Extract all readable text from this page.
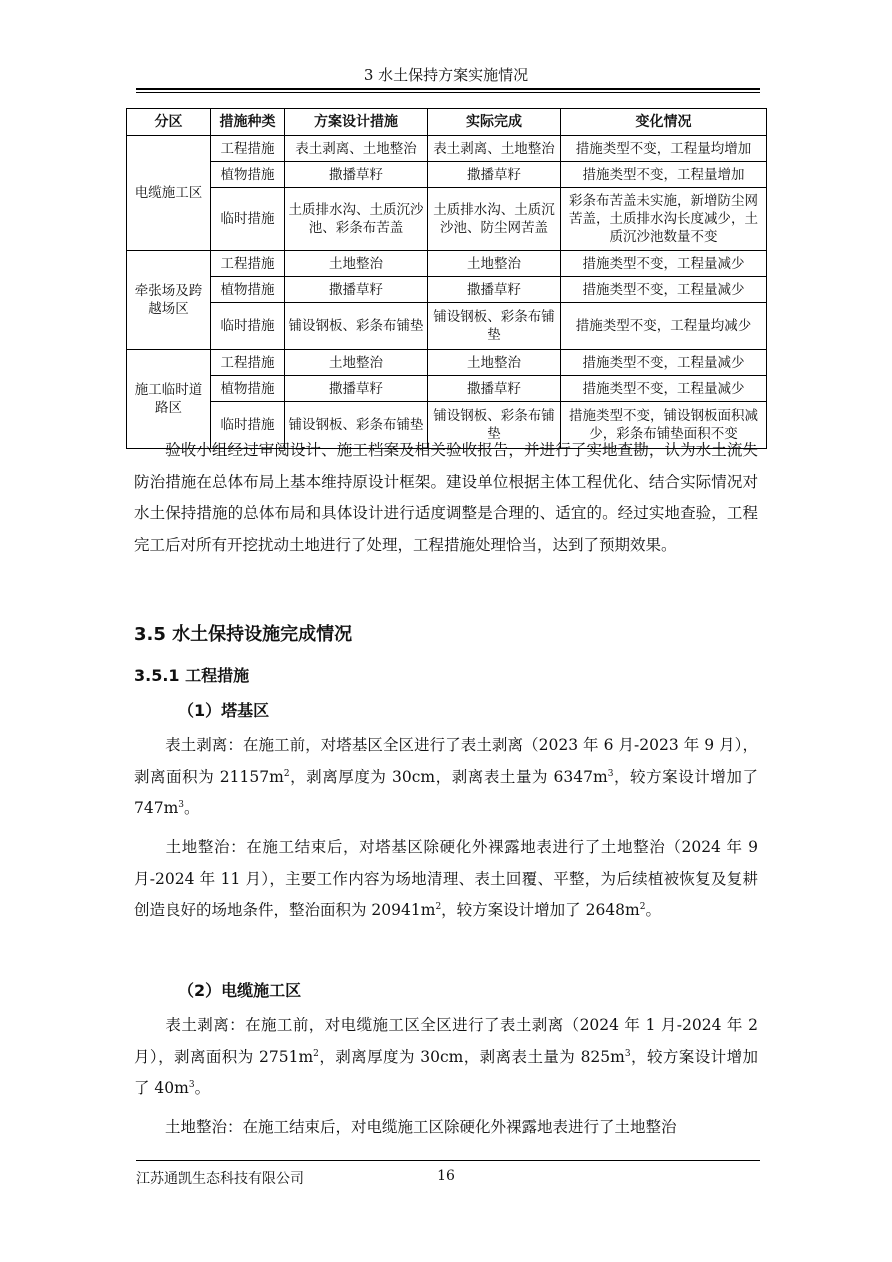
3 水土保持方案实施情况
分区	措施种类	方案设计措施	实际完成	变化情况
电缆施工区	工程措施	表土剥离、土地整治	表土剥离、土地整治	措施类型不变，工程量均增加
	植物措施	撒播草籽	撒播草籽	措施类型不变，工程量增加
	临时措施	土质排水沟、土质沉沙池、彩条布苦盖	土质排水沟、土质沉沙池、防尘网苦盖	彩条布苦盖未实施，新增防尘网苦盖，土质排水沟长度减少，土质沉沙池数量不变
牵张场及跨越场区	工程措施	土地整治	土地整治	措施类型不变，工程量减少
	植物措施	撒播草籽	撒播草籽	措施类型不变，工程量减少
	临时措施	铺设钢板、彩条布铺垫	铺设钢板、彩条布铺垫	措施类型不变，工程量均减少
施工临时道路区	工程措施	土地整治	土地整治	措施类型不变，工程量减少
	植物措施	撒播草籽	撒播草籽	措施类型不变，工程量减少
	临时措施	铺设钢板、彩条布铺垫	铺设钢板、彩条布铺垫	措施类型不变，铺设钢板面积减少，彩条布铺垫面积不变
验收小组经过审阅设计、施工档案及相关验收报告，并进行了实地查勘，认为水土流失防治措施在总体布局上基本维持原设计框架。建设单位根据主体工程优化、结合实际情况对水土保持措施的总体布局和具体设计进行适度调整是合理的、适宜的。经过实地查验，工程完工后对所有开挖扰动土地进行了处理，工程措施处理恰当，达到了预期效果。
3.5 水土保持设施完成情况
3.5.1 工程措施
（1）塔基区
表土剥离：在施工前，对塔基区全区进行了表土剥离（2023 年 6 月-2023 年 9 月），剥离面积为 $21157m^2$，剥离厚度为 30cm，剥离表土量为 $6347m^3$，较方案设计增加了 $747m^3$。
土地整治：在施工结束后，对塔基区除硬化外裸露地表进行了土地整治（2024 年 9 月-2024 年 11 月），主要工作内容为场地清理、表土回覆、平整，为后续植被恢复及复耕创造良好的场地条件，整治面积为 $20941m^2$，较方案设计增加了 $2648m^2$。
（2）电缆施工区
表土剥离：在施工前，对电缆施工区全区进行了表土剥离（2024 年 1 月-2024 年 2 月），剥离面积为 $2751m^2$，剥离厚度为 30cm，剥离表土量为 $825m^3$，较方案设计增加了 $40m^3$。
土地整治：在施工结束后，对电缆施工区除硬化外裸露地表进行了土地整治
江苏通凯生态科技有限公司	16
